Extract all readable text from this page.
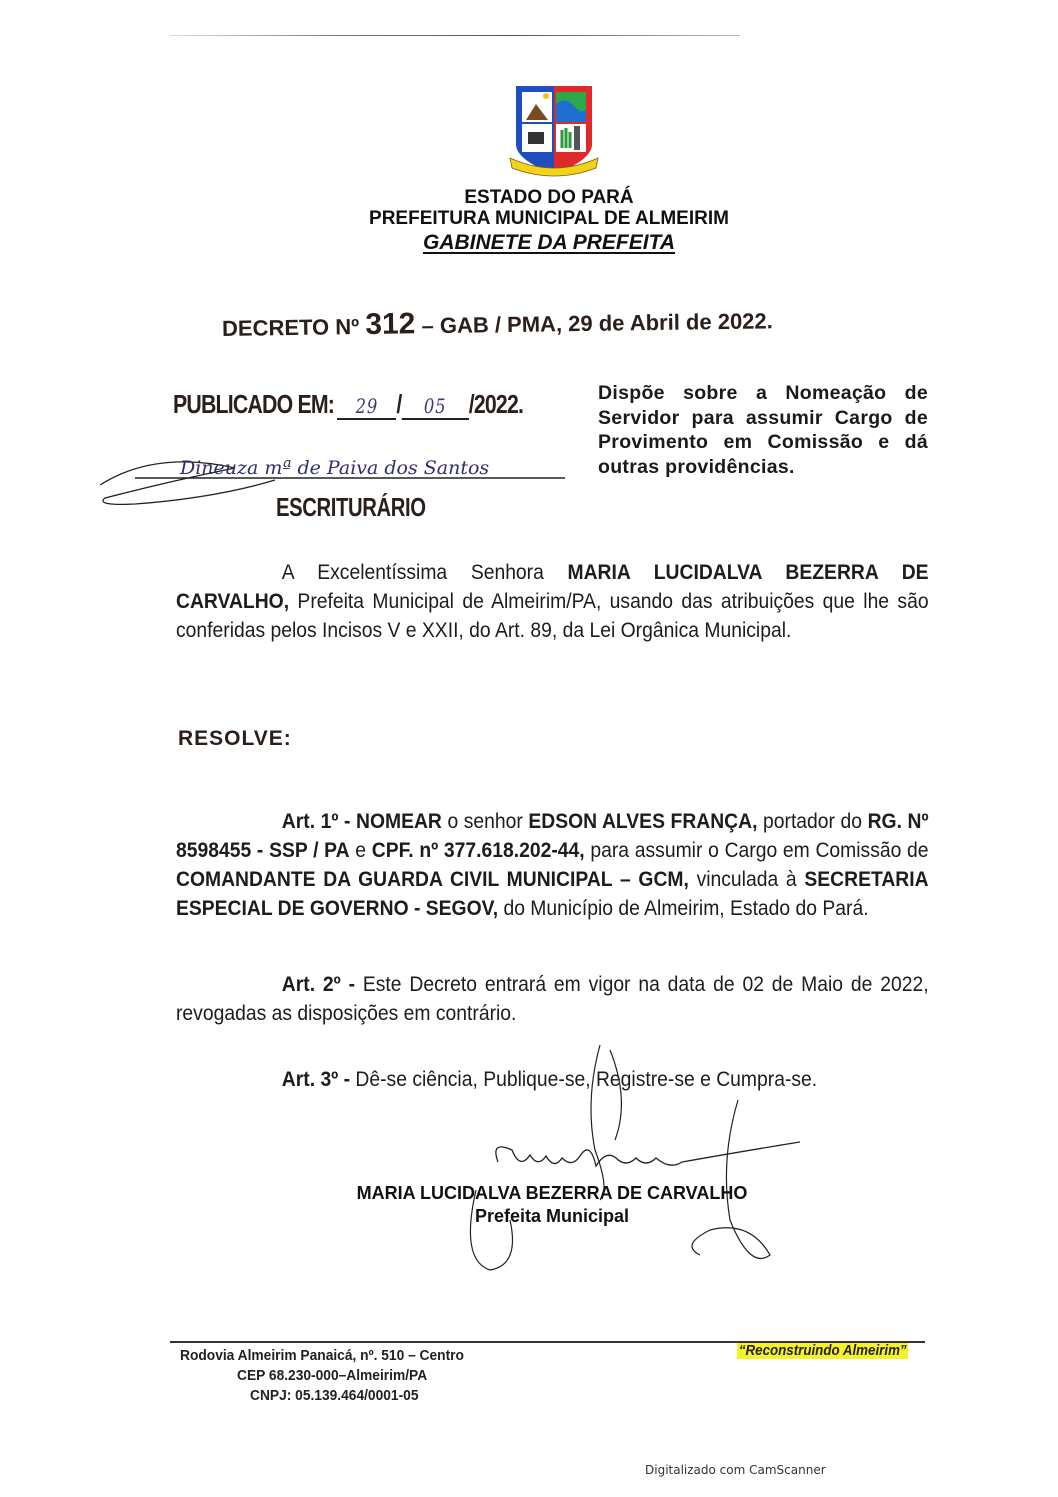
ESTADO DO PARÁ
PREFEITURA MUNICIPAL DE ALMEIRIM
GABINETE DA PREFEITA
DECRETO Nº 312 – GAB / PMA, 29 de Abril de 2022.
PUBLICADO EM: 29 / 05 /2022.
Dineuza mª de Paiva dos Santos
ESCRITURÁRIO
Dispõe sobre a Nomeação de Servidor para assumir Cargo de Provimento em Comissão e dá outras providências.
A Excelentíssima Senhora MARIA LUCIDALVA BEZERRA DE CARVALHO, Prefeita Municipal de Almeirim/PA, usando das atribuições que lhe são conferidas pelos Incisos V e XXII, do Art. 89, da Lei Orgânica Municipal.
RESOLVE:
Art. 1º - NOMEAR o senhor EDSON ALVES FRANÇA, portador do RG. Nº 8598455 - SSP / PA e CPF. nº 377.618.202-44, para assumir o Cargo em Comissão de COMANDANTE DA GUARDA CIVIL MUNICIPAL – GCM, vinculada à SECRETARIA ESPECIAL DE GOVERNO - SEGOV, do Município de Almeirim, Estado do Pará.
Art. 2º - Este Decreto entrará em vigor na data de 02 de Maio de 2022, revogadas as disposições em contrário.
Art. 3º - Dê-se ciência, Publique-se, Registre-se e Cumpra-se.
MARIA LUCIDALVA BEZERRA DE CARVALHO
Prefeita Municipal
Rodovia Almeirim Panaicá, nº. 510 – Centro
CEP 68.230-000–Almeirim/PA
CNPJ: 05.139.464/0001-05
“Reconstruindo Almeirim”
Digitalizado com CamScanner
